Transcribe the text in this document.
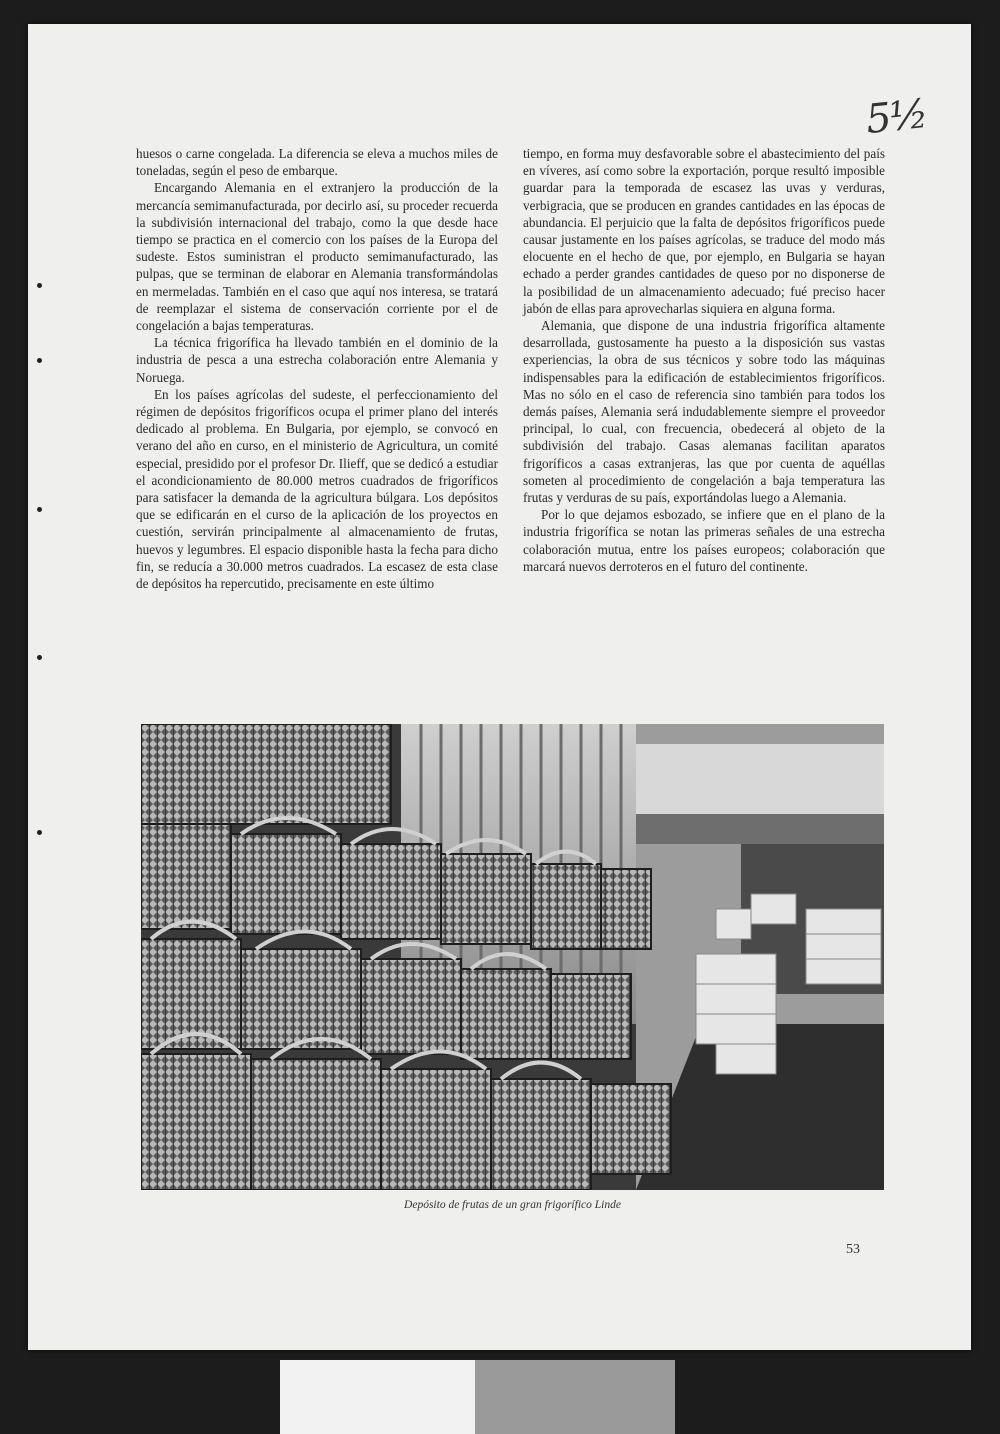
5½

huesos o carne congelada. La diferencia se eleva a muchos miles de toneladas, según el peso de embarque.

Encargando Alemania en el extranjero la producción de la mercancía semimanufacturada, por decirlo así, su proceder recuerda la subdivisión internacional del trabajo, como la que desde hace tiempo se practica en el comercio con los países de la Europa del sudeste. Estos suministran el producto semimanufacturado, las pulpas, que se terminan de elaborar en Alemania transformándolas en mermeladas. También en el caso que aquí nos interesa, se tratará de reemplazar el sistema de conservación corriente por el de congelación a bajas temperaturas.

La técnica frigorífica ha llevado también en el dominio de la industria de pesca a una estrecha colaboración entre Alemania y Noruega.

En los países agrícolas del sudeste, el perfeccionamiento del régimen de depósitos frigoríficos ocupa el primer plano del interés dedicado al problema. En Bulgaria, por ejemplo, se convocó en verano del año en curso, en el ministerio de Agricultura, un comité especial, presidido por el profesor Dr. Ilieff, que se dedicó a estudiar el acondicionamiento de 80.000 metros cuadrados de frigoríficos para satisfacer la demanda de la agricultura búlgara. Los depósitos que se edificarán en el curso de la aplicación de los proyectos en cuestión, servirán principalmente al almacenamiento de frutas, huevos y legumbres. El espacio disponible hasta la fecha para dicho fin, se reducía a 30.000 metros cuadrados. La escasez de esta clase de depósitos ha repercutido, precisamente en este último

tiempo, en forma muy desfavorable sobre el abastecimiento del país en víveres, así como sobre la exportación, porque resultó imposible guardar para la temporada de escasez las uvas y verduras, verbigracia, que se producen en grandes cantidades en las épocas de abundancia. El perjuicio que la falta de depósitos frigoríficos puede causar justamente en los países agrícolas, se traduce del modo más elocuente en el hecho de que, por ejemplo, en Bulgaria se hayan echado a perder grandes cantidades de queso por no disponerse de la posibilidad de un almacenamiento adecuado; fué preciso hacer jabón de ellas para aprovecharlas siquiera en alguna forma.

Alemania, que dispone de una industria frigorífica altamente desarrollada, gustosamente ha puesto a la disposición sus vastas experiencias, la obra de sus técnicos y sobre todo las máquinas indispensables para la edificación de establecimientos frigoríficos. Mas no sólo en el caso de referencia sino también para todos los demás países, Alemania será indudablemente siempre el proveedor principal, lo cual, con frecuencia, obedecerá al objeto de la subdivisión del trabajo. Casas alemanas facilitan aparatos frigoríficos a casas extranjeras, las que por cuenta de aquéllas someten al procedimiento de congelación a baja temperatura las frutas y verduras de su país, exportándolas luego a Alemania.

Por lo que dejamos esbozado, se infiere que en el plano de la industria frigorífica se notan las primeras señales de una estrecha colaboración mutua, entre los países europeos; colaboración que marcará nuevos derroteros en el futuro del continente.

Depósito de frutas de un gran frigorífico Linde
53
